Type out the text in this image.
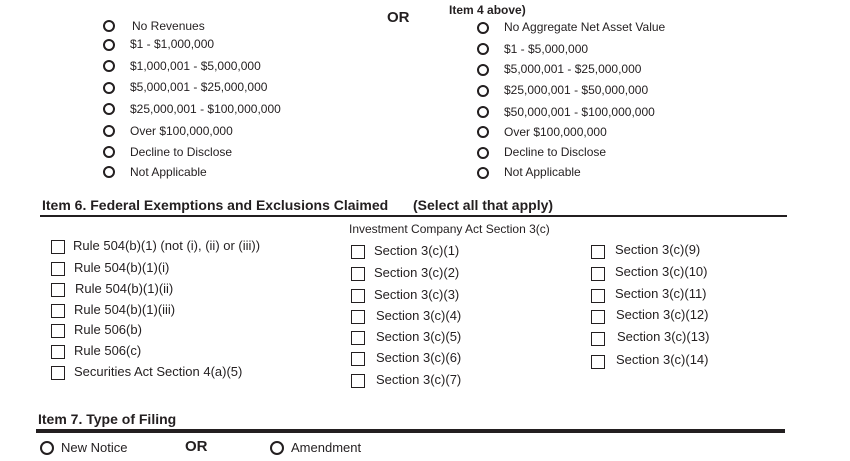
OR	Item 4 above)
No Revenues
$1 - $1,000,000
$1,000,001 - $5,000,000
$5,000,001 - $25,000,000
$25,000,001 - $100,000,000
Over $100,000,000
Decline to Disclose
Not Applicable
No Aggregate Net Asset Value
$1 - $5,000,000
$5,000,001 - $25,000,000
$25,000,001 - $50,000,000
$50,000,001 - $100,000,000
Over $100,000,000
Decline to Disclose
Not Applicable
Item 6. Federal Exemptions and Exclusions Claimed (Select all that apply)
Investment Company Act Section 3(c)
Rule 504(b)(1) (not (i), (ii) or (iii))
Rule 504(b)(1)(i)
Rule 504(b)(1)(ii)
Rule 504(b)(1)(iii)
Rule 506(b)
Rule 506(c)
Securities Act Section 4(a)(5)
Section 3(c)(1)
Section 3(c)(2)
Section 3(c)(3)
Section 3(c)(4)
Section 3(c)(5)
Section 3(c)(6)
Section 3(c)(7)
Section 3(c)(9)
Section 3(c)(10)
Section 3(c)(11)
Section 3(c)(12)
Section 3(c)(13)
Section 3(c)(14)
Item 7. Type of Filing
New Notice	OR	Amendment
